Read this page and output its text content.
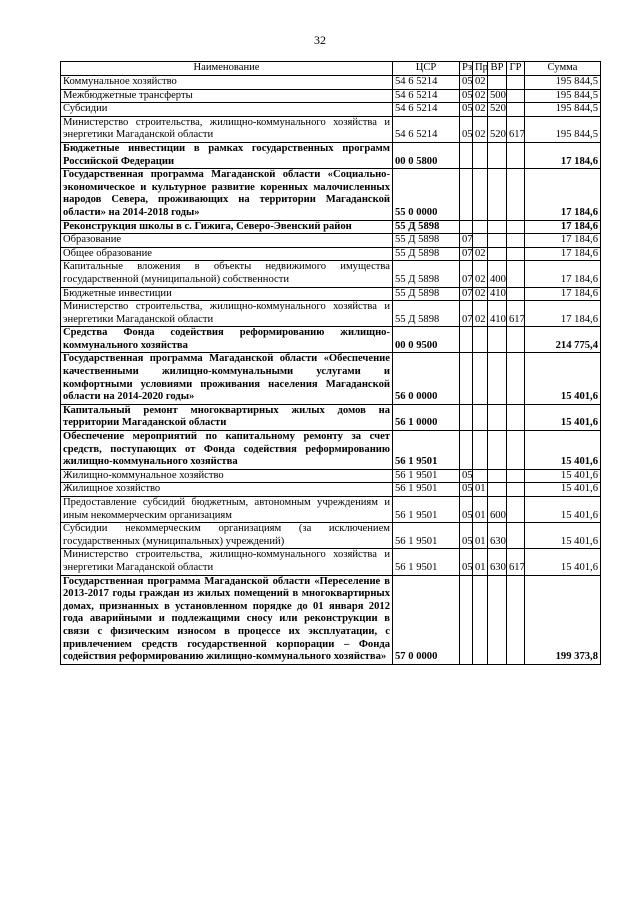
32
Наименование	ЦСР	Рз	Пр	ВР	ГР	Сумма
Коммунальное хозяйство	54 6 5214	05	02			195 844,5
Межбюджетные трансферты	54 6 5214	05	02	500		195 844,5
Субсидии	54 6 5214	05	02	520		195 844,5
Министерство строительства, жилищно-коммунального хозяйства и энергетики Магаданской области	54 6 5214	05	02	520	617	195 844,5
Бюджетные инвестиции в рамках государственных программ Российской Федерации	00 0 5800					17 184,6
Государственная программа Магаданской области «Социально-экономическое и культурное развитие коренных малочисленных народов Севера, проживающих на территории Магаданской области» на 2014-2018 годы»	55 0 0000					17 184,6
Реконструкция школы в с. Гижига, Северо-Эвенский район	55 Д 5898					17 184,6
Образование	55 Д 5898	07				17 184,6
Общее образование	55 Д 5898	07	02			17 184,6
Капитальные вложения в объекты недвижимого имущества государственной (муниципальной) собственности	55 Д 5898	07	02	400		17 184,6
Бюджетные инвестиции	55 Д 5898	07	02	410		17 184,6
Министерство строительства, жилищно-коммунального хозяйства и энергетики Магаданской области	55 Д 5898	07	02	410	617	17 184,6
Средства Фонда содействия реформированию жилищно-коммунального хозяйства	00 0 9500					214 775,4
Государственная программа Магаданской области «Обеспечение качественными жилищно-коммунальными услугами и комфортными условиями проживания населения Магаданской области на 2014-2020 годы»	56 0 0000					15 401,6
Капитальный ремонт многоквартирных жилых домов на территории Магаданской области	56 1 0000					15 401,6
Обеспечение мероприятий по капитальному ремонту за счет средств, поступающих от Фонда содействия реформированию жилищно-коммунального хозяйства	56 1 9501					15 401,6
Жилищно-коммунальное хозяйство	56 1 9501	05				15 401,6
Жилищное хозяйство	56 1 9501	05	01			15 401,6
Предоставление субсидий бюджетным, автономным учреждениям и иным некоммерческим организациям	56 1 9501	05	01	600		15 401,6
Субсидии некоммерческим организациям (за исключением государственных (муниципальных) учреждений)	56 1 9501	05	01	630		15 401,6
Министерство строительства, жилищно-коммунального хозяйства и энергетики Магаданской области	56 1 9501	05	01	630	617	15 401,6
Государственная программа Магаданской области «Переселение в 2013-2017 годы граждан из жилых помещений в многоквартирных домах, признанных в установленном порядке до 01 января 2012 года аварийными и подлежащими сносу или реконструкции в связи с физическим износом в процессе их эксплуатации, с привлечением средств государственной корпорации – Фонда содействия реформированию жилищно-коммунального хозяйства»	57 0 0000					199 373,8
